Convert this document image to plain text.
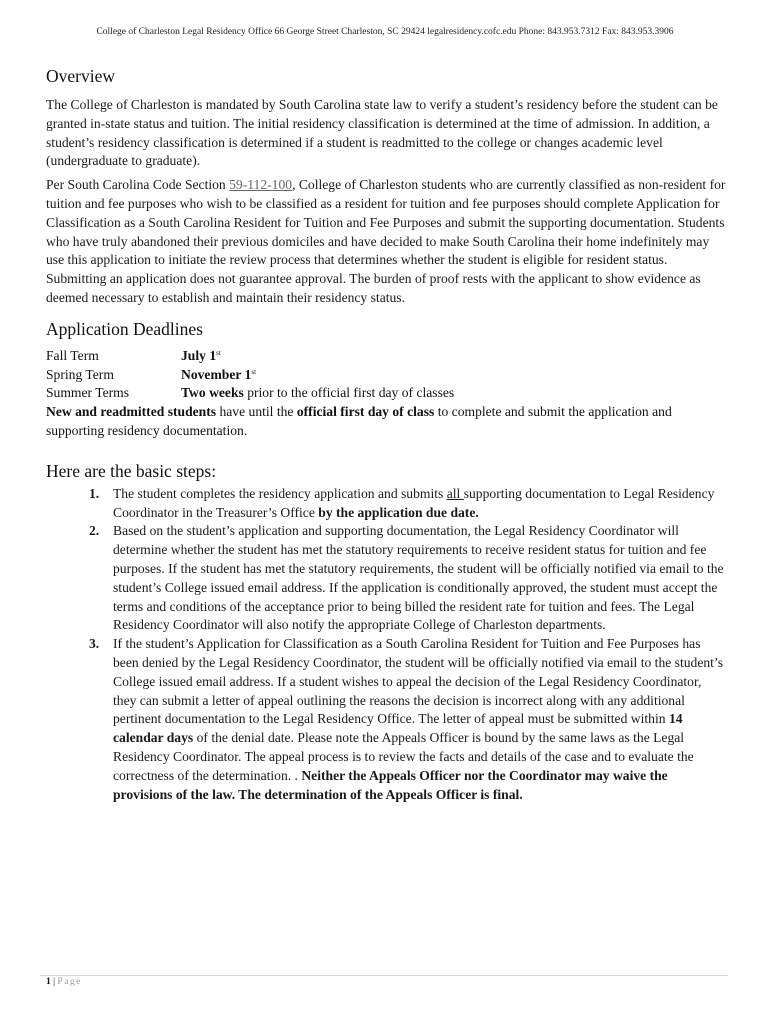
College of Charleston Legal Residency Office 66 George Street Charleston, SC 29424 legalresidency.cofc.edu Phone: 843.953.7312 Fax: 843.953.3906
Overview

The College of Charleston is mandated by South Carolina state law to verify a student’s residency before the student can be granted in-state status and tuition. The initial residency classification is determined at the time of admission. In addition, a student’s residency classification is determined if a student is readmitted to the college or changes academic level (undergraduate to graduate).

Per South Carolina Code Section 59-112-100, College of Charleston students who are currently classified as non-resident for tuition and fee purposes who wish to be classified as a resident for tuition and fee purposes should complete Application for Classification as a South Carolina Resident for Tuition and Fee Purposes and submit the supporting documentation. Students who have truly abandoned their previous domiciles and have decided to make South Carolina their home indefinitely may use this application to initiate the review process that determines whether the student is eligible for resident status. Submitting an application does not guarantee approval. The burden of proof rests with the applicant to show evidence as deemed necessary to establish and maintain their residency status.

Application Deadlines
Fall Term	July 1st
Spring Term	November 1st
Summer Terms	Two weeks prior to the official first day of classes
New and readmitted students have until the official first day of class to complete and submit the application and supporting residency documentation.
Here are the basic steps:
1.	The student completes the residency application and submits all supporting documentation to Legal Residency Coordinator in the Treasurer’s Office by the application due date.
2.	Based on the student’s application and supporting documentation, the Legal Residency Coordinator will determine whether the student has met the statutory requirements to receive resident status for tuition and fee purposes. If the student has met the statutory requirements, the student will be officially notified via email to the student’s College issued email address. If the application is conditionally approved, the student must accept the terms and conditions of the acceptance prior to being billed the resident rate for tuition and fees. The Legal Residency Coordinator will also notify the appropriate College of Charleston departments.
3.	If the student’s Application for Classification as a South Carolina Resident for Tuition and Fee Purposes has been denied by the Legal Residency Coordinator, the student will be officially notified via email to the student’s College issued email address. If a student wishes to appeal the decision of the Legal Residency Coordinator, they can submit a letter of appeal outlining the reasons the decision is incorrect along with any additional pertinent documentation to the Legal Residency Office. The letter of appeal must be submitted within 14 calendar days of the denial date. Please note the Appeals Officer is bound by the same laws as the Legal Residency Coordinator. The appeal process is to review the facts and details of the case and to evaluate the correctness of the determination. . Neither the Appeals Officer nor the Coordinator may waive the provisions of the law. The determination of the Appeals Officer is final.
1 | Page
